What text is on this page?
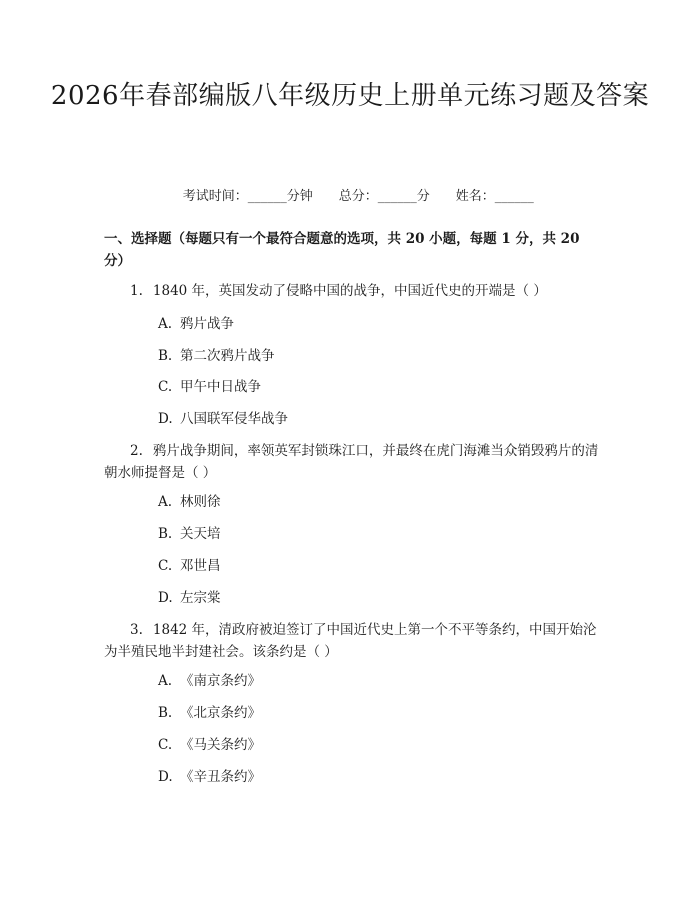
2026年春部编版八年级历史上册单元练习题及答案

考试时间：______分钟 总分：______分 姓名：______

一、选择题（每题只有一个最符合题意的选项，共 20 小题，每题 1 分，共 20 分）
1. 1840 年，英国发动了侵略中国的战争，中国近代史的开端是（ ）
A. 鸦片战争
B. 第二次鸦片战争
C. 甲午中日战争
D. 八国联军侵华战争
2. 鸦片战争期间，率领英军封锁珠江口，并最终在虎门海滩当众销毁鸦片的清朝水师提督是（ ）
A. 林则徐
B. 关天培
C. 邓世昌
D. 左宗棠
3. 1842 年，清政府被迫签订了中国近代史上第一个不平等条约，中国开始沦为半殖民地半封建社会。该条约是（ ）
A. 《南京条约》
B. 《北京条约》
C. 《马关条约》
D. 《辛丑条约》
